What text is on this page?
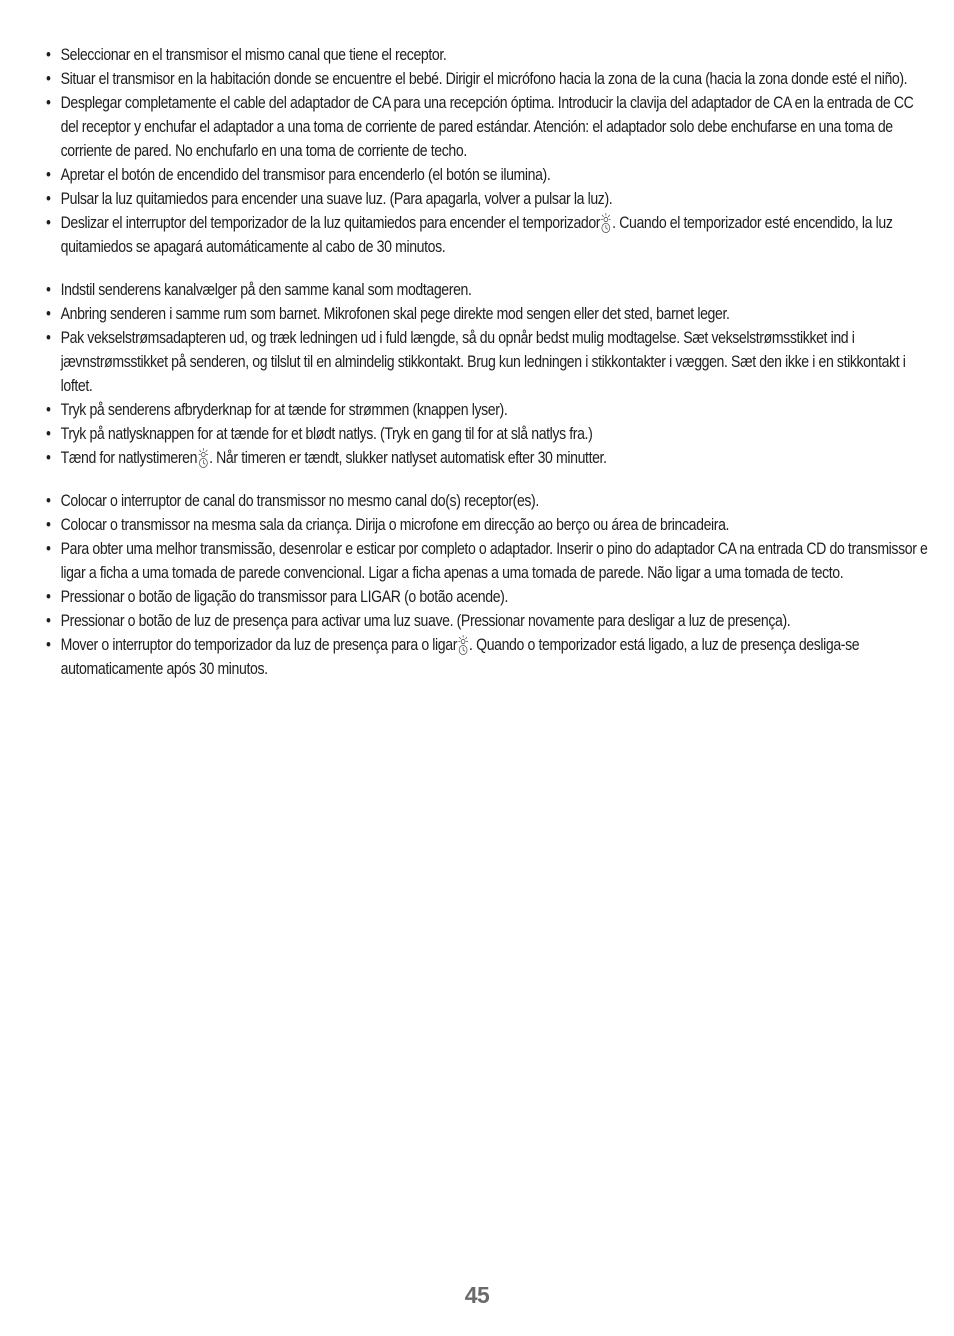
• Seleccionar en el transmisor el mismo canal que tiene el receptor.
• Situar el transmisor en la habitación donde se encuentre el bebé. Dirigir el micrófono hacia la zona de la cuna (hacia la zona donde esté el niño).
• Desplegar completamente el cable del adaptador de CA para una recepción óptima. Introducir la clavija del adaptador de CA en la entrada de CC del receptor y enchufar el adaptador a una toma de corriente de pared estándar. Atención: el adaptador solo debe enchufarse en una toma de corriente de pared. No enchufarlo en una toma de corriente de techo.
• Apretar el botón de encendido del transmisor para encenderlo (el botón se ilumina).
• Pulsar la luz quitamiedos para encender una suave luz. (Para apagarla, volver a pulsar la luz).
• Deslizar el interruptor del temporizador de la luz quitamiedos para encender el temporizador . Cuando el temporizador esté encendido, la luz quitamiedos se apagará automáticamente al cabo de 30 minutos.
• Indstil senderens kanalvælger på den samme kanal som modtageren.
• Anbring senderen i samme rum som barnet. Mikrofonen skal pege direkte mod sengen eller det sted, barnet leger.
• Pak vekselstrømsadapteren ud, og træk ledningen ud i fuld længde, så du opnår bedst mulig modtagelse. Sæt vekselstrømsstikket ind i jævnstrømsstikket på senderen, og tilslut til en almindelig stikkontakt. Brug kun ledningen i stikkontakter i væggen. Sæt den ikke i en stikkontakt i loftet.
• Tryk på senderens afbryderknap for at tænde for strømmen (knappen lyser).
• Tryk på natlysknappen for at tænde for et blødt natlys. (Tryk en gang til for at slå natlys fra.)
• Tænd for natlystimeren . Når timeren er tændt, slukker natlyset automatisk efter 30 minutter.
• Colocar o interruptor de canal do transmissor no mesmo canal do(s) receptor(es).
• Colocar o transmissor na mesma sala da criança. Dirija o microfone em direcção ao berço ou área de brincadeira.
• Para obter uma melhor transmissão, desenrolar e esticar por completo o adaptador. Inserir o pino do adaptador CA na entrada CD do transmissor e ligar a ficha a uma tomada de parede convencional. Ligar a ficha apenas a uma tomada de parede. Não ligar a uma tomada de tecto.
• Pressionar o botão de ligação do transmissor para LIGAR (o botão acende).
• Pressionar o botão de luz de presença para activar uma luz suave. (Pressionar novamente para desligar a luz de presença).
• Mover o interruptor do temporizador da luz de presença para o ligar . Quando o temporizador está ligado, a luz de presença desliga-se automaticamente após 30 minutos.
45
